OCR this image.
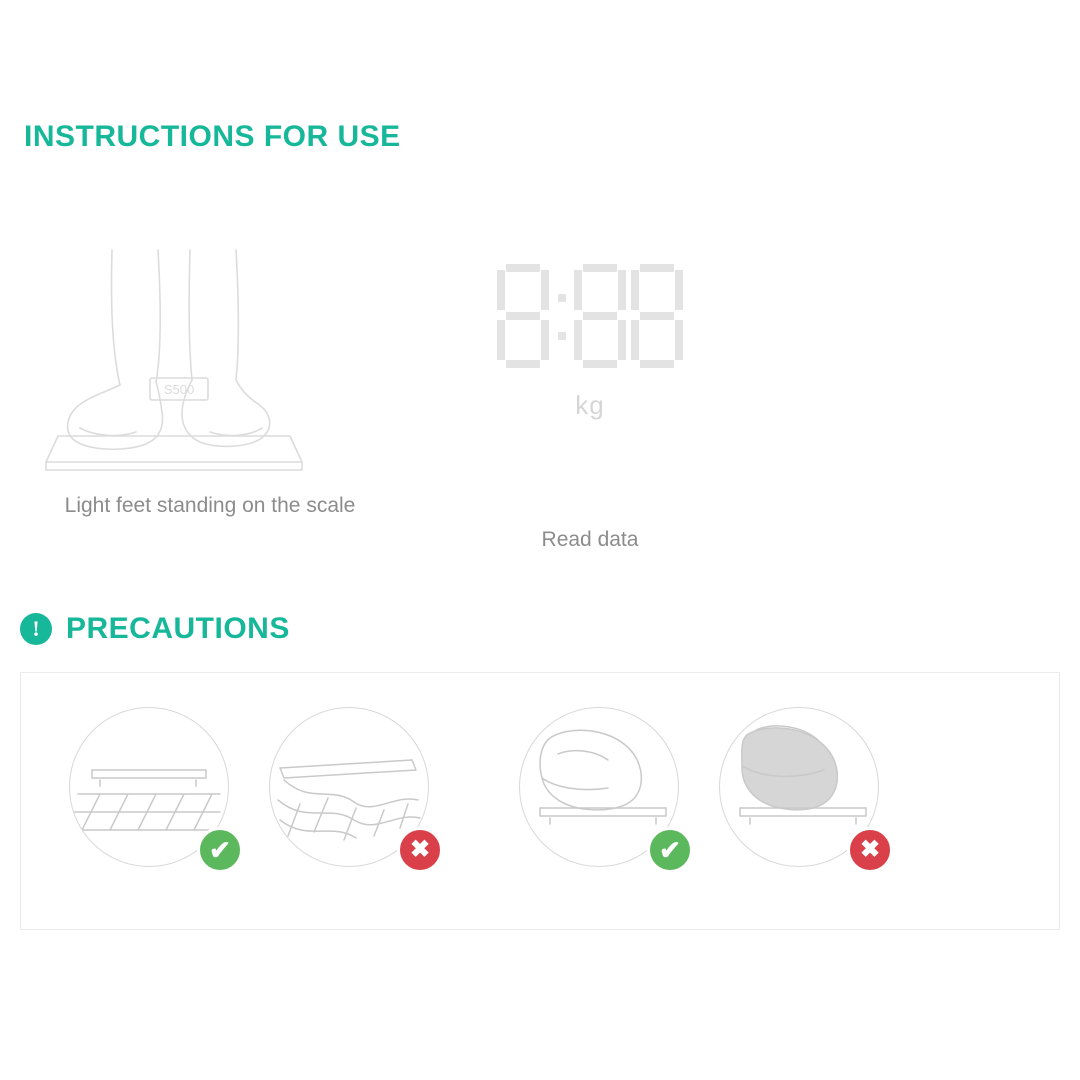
INSTRUCTIONS FOR USE
S500
Light feet standing on the scale

kg
Read data
! PRECAUTIONS
✔	✖	✔	✖
